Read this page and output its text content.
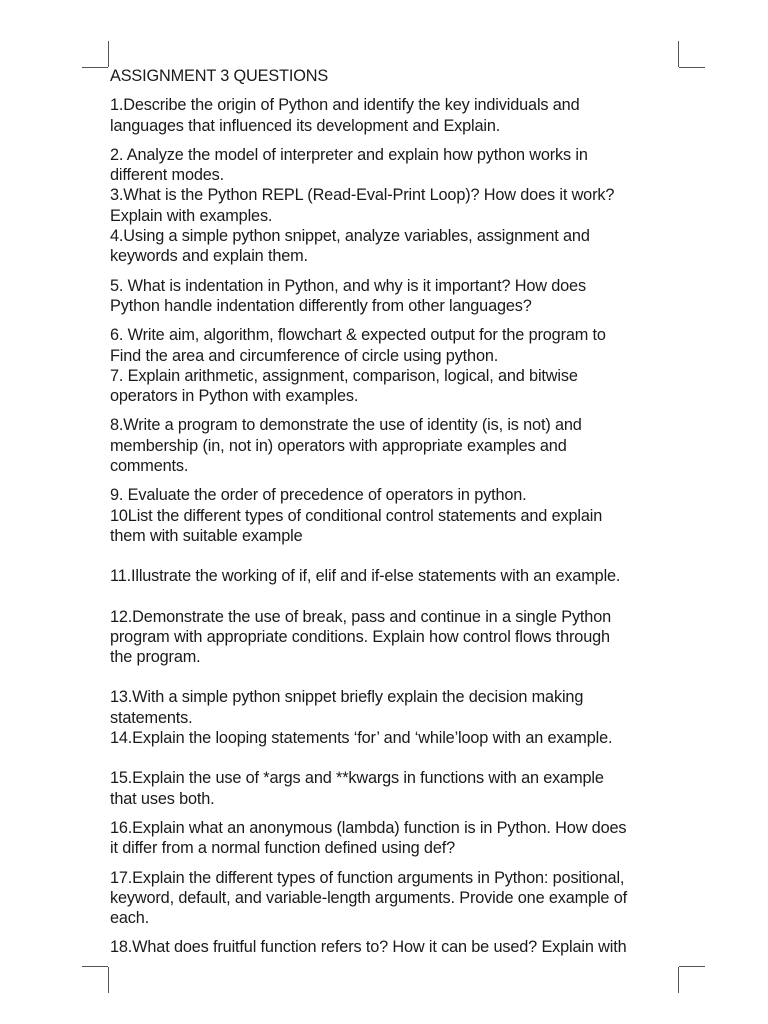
ASSIGNMENT 3 QUESTIONS
1.Describe the origin of Python and identify the key individuals and
languages that influenced its development and Explain.
2. Analyze the model of interpreter and explain how python works in
different modes.
3.What is the Python REPL (Read-Eval-Print Loop)? How does it work?
Explain with examples.
4.Using a simple python snippet, analyze variables, assignment and
keywords and explain them.
5. What is indentation in Python, and why is it important? How does
Python handle indentation differently from other languages?
6. Write aim, algorithm, flowchart & expected output for the program to
Find the area and circumference of circle using python.
7. Explain arithmetic, assignment, comparison, logical, and bitwise
operators in Python with examples.
8.Write a program to demonstrate the use of identity (is, is not) and
membership (in, not in) operators with appropriate examples and
comments.
9. Evaluate the order of precedence of operators in python.
10List the different types of conditional control statements and explain
them with suitable example
11.Illustrate the working of if, elif and if-else statements with an example.
12.Demonstrate the use of break, pass and continue in a single Python
program with appropriate conditions. Explain how control flows through
the program.
13.With a simple python snippet briefly explain the decision making
statements.
14.Explain the looping statements ‘for’ and ‘while’loop with an example.
15.Explain the use of *args and **kwargs in functions with an example
that uses both.
16.Explain what an anonymous (lambda) function is in Python. How does
it differ from a normal function defined using def?
17.Explain the different types of function arguments in Python: positional,
keyword, default, and variable-length arguments. Provide one example of
each.
18.What does fruitful function refers to? How it can be used? Explain with
